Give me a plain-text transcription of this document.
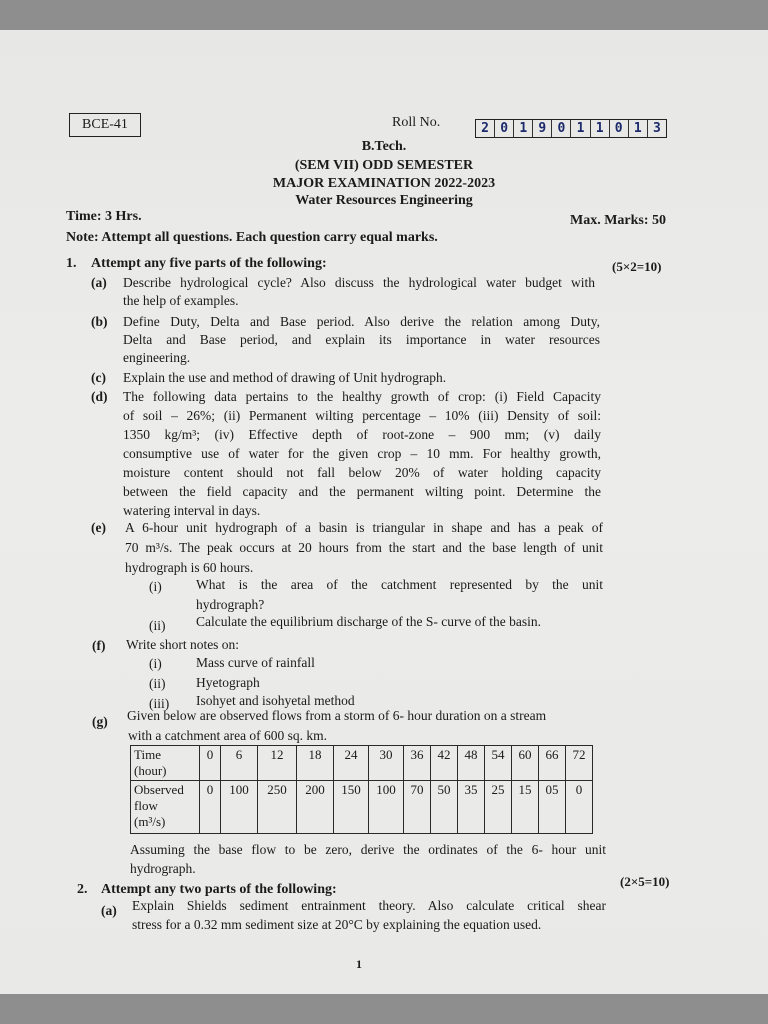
BCE-41	Roll No.	2 0 1 9 0 1 1 0 1 3
B.Tech.
(SEM VII) ODD SEMESTER
MAJOR EXAMINATION 2022-2023
Water Resources Engineering
Time: 3 Hrs.	Max. Marks: 50
Note: Attempt all questions. Each question carry equal marks.
1. Attempt any five parts of the following:	(5×2=10)
(a) Describe hydrological cycle? Also discuss the hydrological water budget with
the help of examples.
(b) Define Duty, Delta and Base period. Also derive the relation among Duty,
Delta and Base period, and explain its importance in water resources
engineering.
(c) Explain the use and method of drawing of Unit hydrograph.
(d) The following data pertains to the healthy growth of crop: (i) Field Capacity
of soil – 26%; (ii) Permanent wilting percentage – 10% (iii) Density of soil:
1350 kg/m³; (iv) Effective depth of root-zone – 900 mm; (v) daily
consumptive use of water for the given crop – 10 mm. For healthy growth,
moisture content should not fall below 20% of water holding capacity
between the field capacity and the permanent wilting point. Determine the
watering interval in days.
(e) A 6-hour unit hydrograph of a basin is triangular in shape and has a peak of
70 m³/s. The peak occurs at 20 hours from the start and the base length of unit
hydrograph is 60 hours.
(i)	What is the area of the catchment represented by the unit
hydrograph?
(ii) Calculate the equilibrium discharge of the S- curve of the basin.
(f) Write short notes on:
(i)	Mass curve of rainfall
(ii) Hyetograph
(iii) Isohyet and isohyetal method
(g) Given below are observed flows from a storm of 6- hour duration on a stream
with a catchment area of 600 sq. km.
Time
(hour)	0	6	12	18	24	30	36	42	48	54	60	66	72

Observed
flow
(m³/s)	0	100	250	200	150	100	70	50	35	25	15	05	0
Assuming the base flow to be zero, derive the ordinates of the 6- hour unit
hydrograph.
2. Attempt any two parts of the following:
(2×5=10)
(a) Explain Shields sediment entrainment theory. Also calculate critical shear
stress for a 0.32 mm sediment size at 20°C by explaining the equation used.
1
